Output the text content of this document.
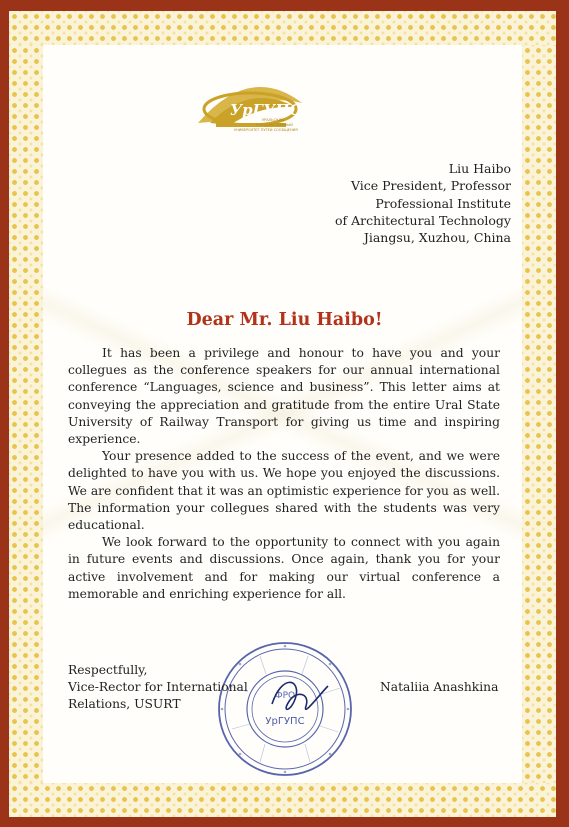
УрГУПС
УРАЛЬСКИЙ
ГОСУДАРСТВЕННЫЙ
УНИВЕРСИТЕТ ПУТЕЙ СООБЩЕНИЯ
Liu Haibo
Vice President, Professor
Professional Institute
of Architectural Technology
Jiangsu, Xuzhou, China
Dear Mr. Liu Haibo!

It has been a privilege and honour to have you and your collegues as the conference speakers for our annual international conference “Languages, science and business”. This letter aims at conveying the appreciation and gratitude from the entire Ural State University of Railway Transport for giving us time and inspiring experience.

Your presence added to the success of the event, and we were delighted to have you with us. We hope you enjoyed the discussions. We are confident that it was an optimistic experience for you as well. The information your collegues shared with the students was very educational.

We look forward to the opportunity to connect with you again in future events and discussions. Once again, thank you for your active involvement and for making our virtual conference a memorable and enriching experience for all.

ФРО
УрГУПС
Respectfully,
Vice-Rector for International
Relations, USURT
Nataliia Anashkina
